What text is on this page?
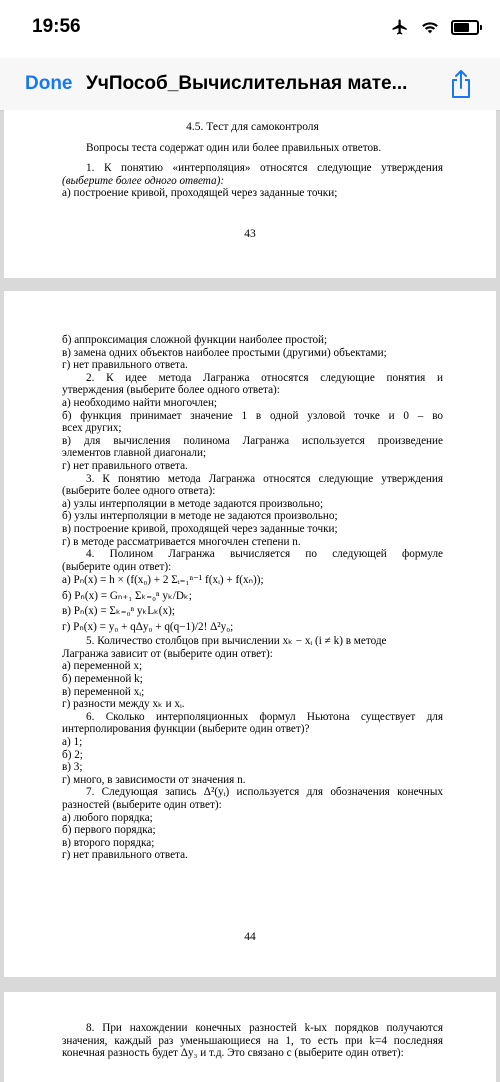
19:56
Done УчПособ_Вычислительная мате...
4.5. Тест для самоконтроля
Вопросы теста содержат один или более правильных ответов.
1. К понятию «интерполяция» относятся следующие утверждения
(выберите более одного ответа):
а) построение кривой, проходящей через заданные точки;
43
б) аппроксимация сложной функции наиболее простой;
в) замена одних объектов наиболее простыми (другими) объектами;
г) нет правильного ответа.
2. К идее метода Лагранжа относятся следующие понятия и
утверждения (выберите более одного ответа):
а) необходимо найти многочлен;
б) функция принимает значение 1 в одной узловой точке и 0 – во
всех других;
в) для вычисления полинома Лагранжа используется произведение
элементов главной диагонали;
г) нет правильного ответа.
3. К понятию метода Лагранжа относятся следующие утверждения
(выберите более одного ответа):
а) узлы интерполяции в методе задаются произвольно;
б) узлы интерполяции в методе не задаются произвольно;
в) построение кривой, проходящей через заданные точки;
г) в методе рассматривается многочлен степени n.
4. Полином Лагранжа вычисляется по следующей формуле
(выберите один ответ):
а) Pₙ(x) = h × (f(x₀) + 2 Σᵢ₌₁ⁿ⁻¹ f(xᵢ) + f(xₙ));
б) Pₙ(x) = Gₙ₊₁ Σₖ₌₀ⁿ yₖ/Dₖ;
в) Pₙ(x) = Σₖ₌₀ⁿ yₖLₖ(x);
г) Pₙ(x) = y₀ + qΔy₀ + q(q−1)/2! Δ²y₀;
5. Количество столбцов при вычислении xₖ − xᵢ (i ≠ k) в методе
Лагранжа зависит от (выберите один ответ):
а) переменной x;
б) переменной k;
в) переменной xᵢ;
г) разности между xₖ и xᵢ.
6. Сколько интерполяционных формул Ньютона существует для
интерполирования функции (выберите один ответ)?
а) 1;
б) 2;
в) 3;
г) много, в зависимости от значения n.
7. Следующая запись Δ²(yᵢ) используется для обозначения конечных
разностей (выберите один ответ):
а) любого порядка;
б) первого порядка;
в) второго порядка;
г) нет правильного ответа.
44
8. При нахождении конечных разностей k-ых порядков получаются
значения, каждый раз уменьшающиеся на 1, то есть при k=4 последняя
конечная разность будет Δy₃ и т.д. Это связано с (выберите один ответ):
